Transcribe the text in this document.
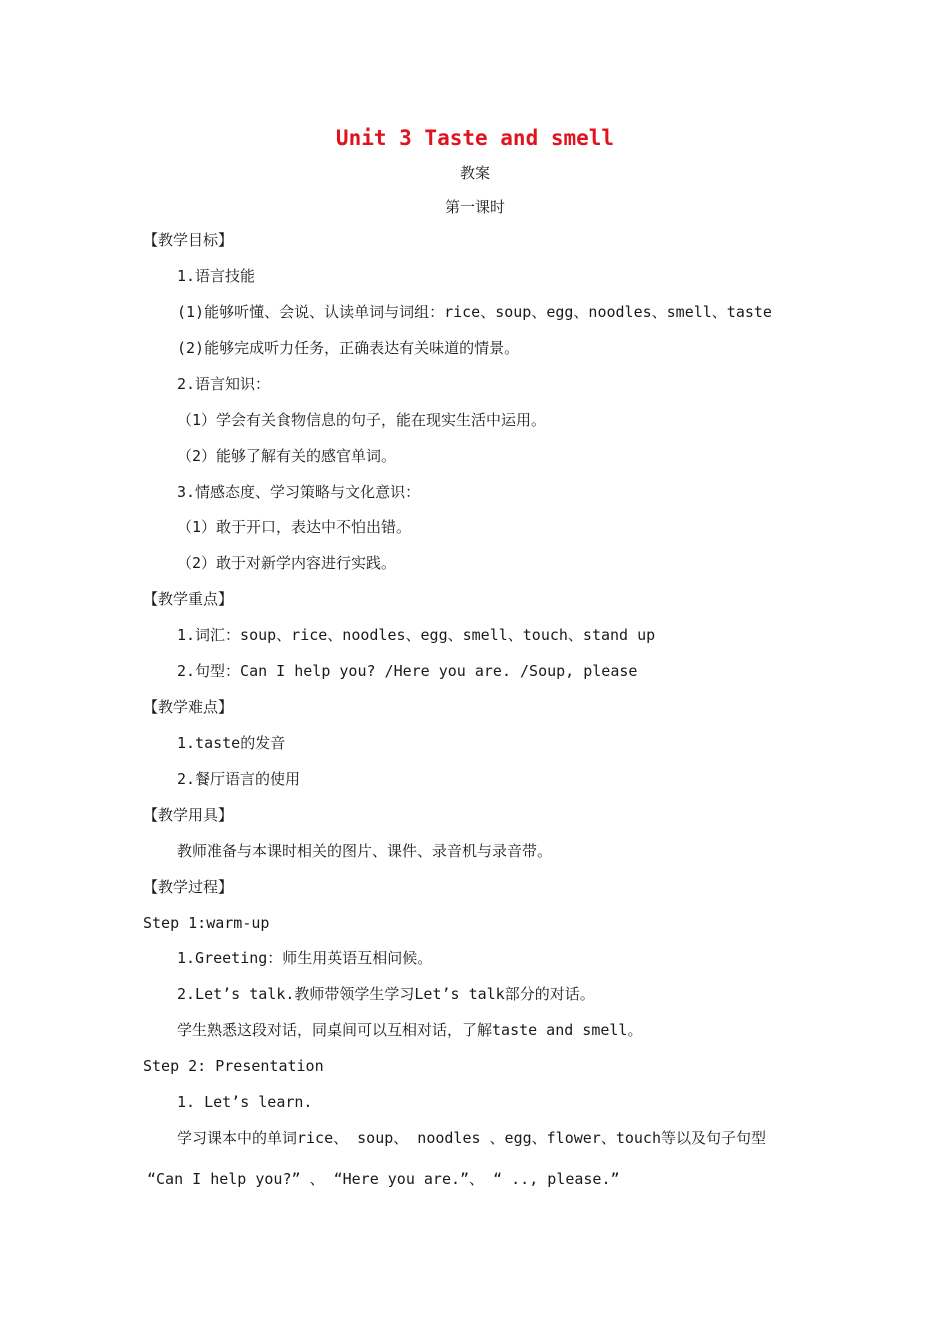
Unit 3 Taste and smell
教案
第一课时
【教学目标】
1.语言技能
(1)能够听懂、会说、认读单词与词组：rice、soup、egg、noodles、smell、taste
(2)能够完成听力任务，正确表达有关味道的情景。
2.语言知识：
（1）学会有关食物信息的句子，能在现实生活中运用。
（2）能够了解有关的感官单词。
3.情感态度、学习策略与文化意识：
（1）敢于开口，表达中不怕出错。
（2）敢于对新学内容进行实践。
【教学重点】
1.词汇：soup、rice、noodles、egg、smell、touch、stand up
2.句型：Can I help you? /Here you are. /Soup, please
【教学难点】
1.taste的发音
2.餐厅语言的使用
【教学用具】
教师准备与本课时相关的图片、课件、录音机与录音带。
【教学过程】
Step 1:warm-up
1.Greeting：师生用英语互相问候。
2.Let’s talk.教师带领学生学习Let’s talk部分的对话。
学生熟悉这段对话，同桌间可以互相对话，了解taste and smell。
Step 2: Presentation
1. Let’s learn.
学习课本中的单词rice、 soup、 noodles 、egg、flower、touch等以及句子句型
“Can I help you?” 、 “Here you are.”、 “ .., please.”
